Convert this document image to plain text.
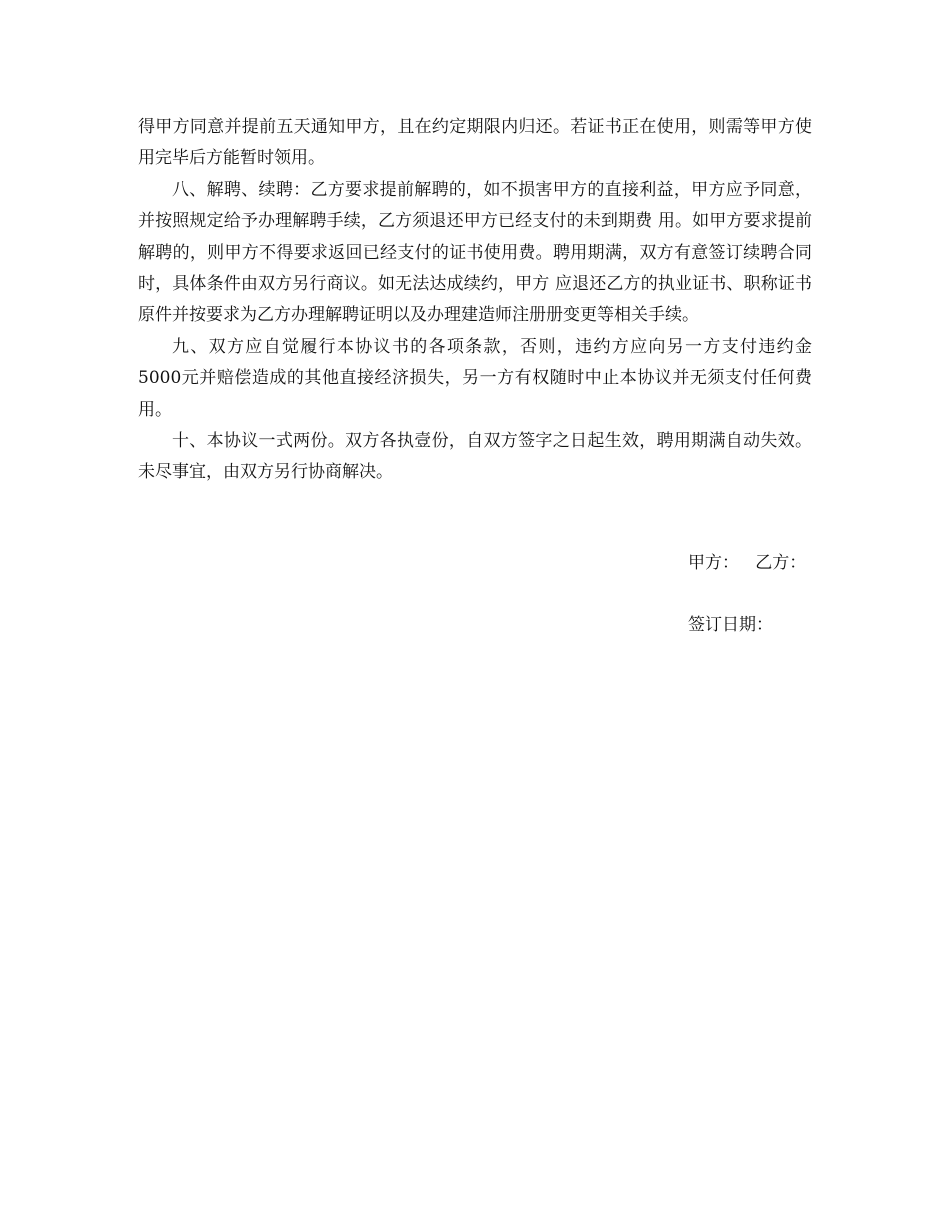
得甲方同意并提前五天通知甲方，且在约定期限内归还。若证书正在使用，则需等甲方使用完毕后方能暂时领用。

八、解聘、续聘：乙方要求提前解聘的，如不损害甲方的直接利益，甲方应予同意，并按照规定给予办理解聘手续，乙方须退还甲方已经支付的未到期费 用。如甲方要求提前解聘的，则甲方不得要求返回已经支付的证书使用费。聘用期满，双方有意签订续聘合同时，具体条件由双方另行商议。如无法达成续约，甲方 应退还乙方的执业证书、职称证书原件并按要求为乙方办理解聘证明以及办理建造师注册册变更等相关手续。

九、双方应自觉履行本协议书的各项条款，否则，违约方应向另一方支付违约金 5000元并赔偿造成的其他直接经济损失，另一方有权随时中止本协议并无须支付任何费用。

十、本协议一式两份。双方各执壹份，自双方签字之日起生效，聘用期满自动失效。未尽事宜，由双方另行协商解决。

甲方： 乙方：
签订日期：
